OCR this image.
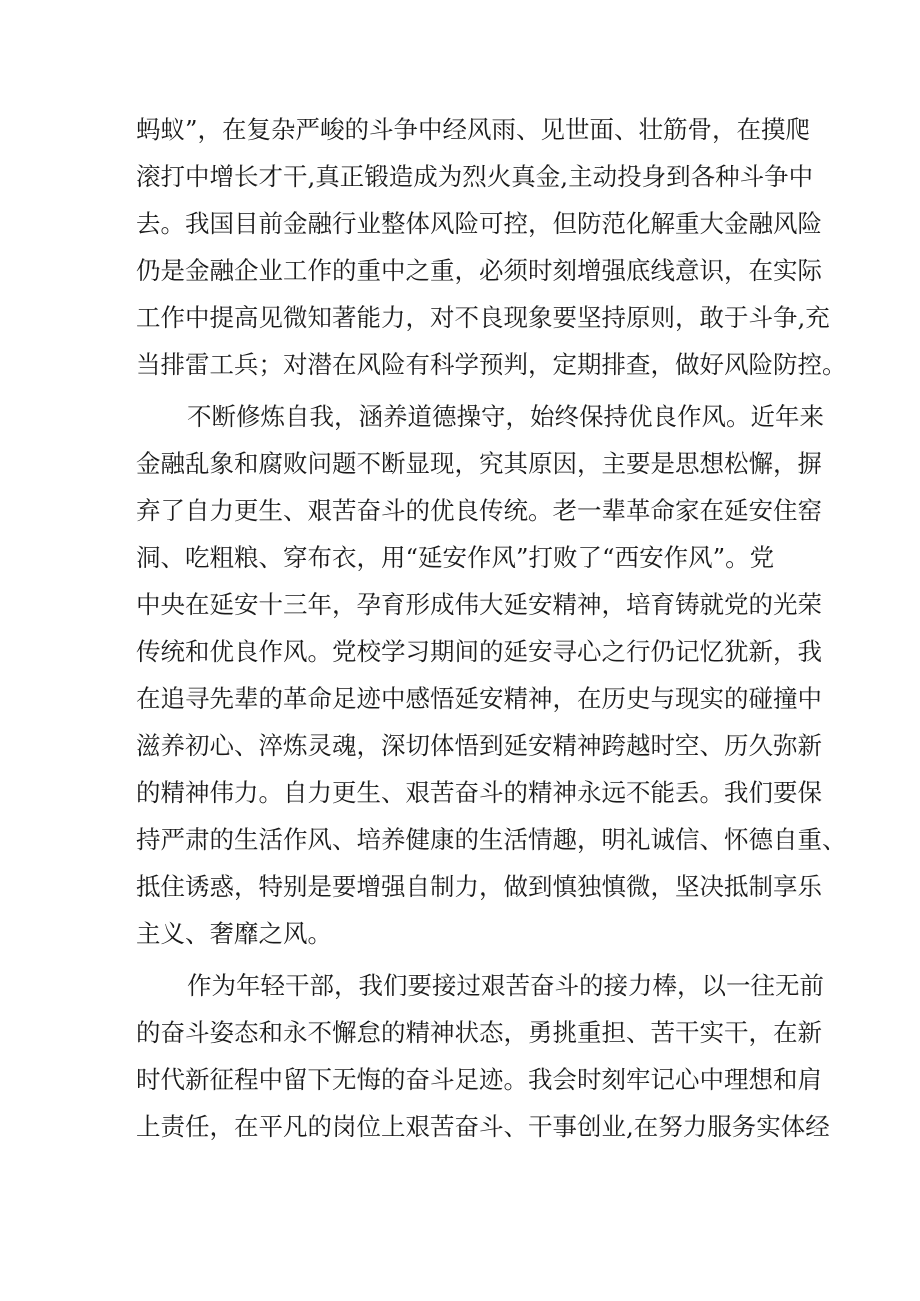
蚂蚁”，在复杂严峻的斗争中经风雨、见世面、壮筋骨，在摸爬
滚打中增长才干,真正锻造成为烈火真金,主动投身到各种斗争中
去。我国目前金融行业整体风险可控，但防范化解重大金融风险
仍是金融企业工作的重中之重，必须时刻增强底线意识，在实际
工作中提高见微知著能力，对不良现象要坚持原则，敢于斗争,充
当排雷工兵；对潜在风险有科学预判，定期排查，做好风险防控。
不断修炼自我，涵养道德操守，始终保持优良作风。近年来
金融乱象和腐败问题不断显现，究其原因，主要是思想松懈，摒
弃了自力更生、艰苦奋斗的优良传统。老一辈革命家在延安住窑
洞、吃粗粮、穿布衣，用“延安作风”打败了“西安作风”。党
中央在延安十三年，孕育形成伟大延安精神，培育铸就党的光荣
传统和优良作风。党校学习期间的延安寻心之行仍记忆犹新，我
在追寻先辈的革命足迹中感悟延安精神，在历史与现实的碰撞中
滋养初心、淬炼灵魂，深切体悟到延安精神跨越时空、历久弥新
的精神伟力。自力更生、艰苦奋斗的精神永远不能丢。我们要保
持严肃的生活作风、培养健康的生活情趣，明礼诚信、怀德自重、
抵住诱惑，特别是要增强自制力，做到慎独慎微，坚决抵制享乐
主义、奢靡之风。
作为年轻干部，我们要接过艰苦奋斗的接力棒，以一往无前
的奋斗姿态和永不懈怠的精神状态，勇挑重担、苦干实干，在新
时代新征程中留下无悔的奋斗足迹。我会时刻牢记心中理想和肩
上责任，在平凡的岗位上艰苦奋斗、干事创业,在努力服务实体经
